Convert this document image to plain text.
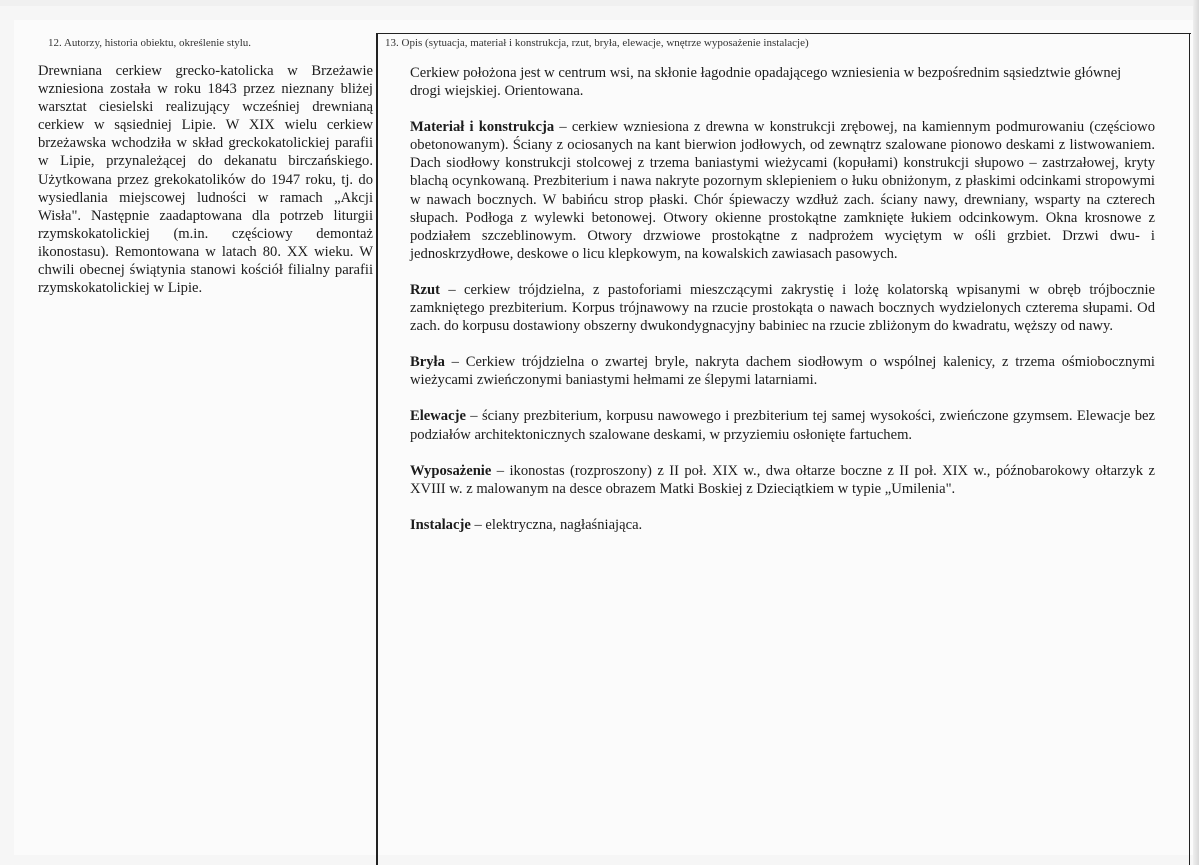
12. Autorzy, historia obiektu, określenie stylu.	13. Opis (sytuacja, materiał i konstrukcja, rzut, bryła, elewacje, wnętrze wyposażenie instalacje)
Drewniana cerkiew grecko-katolicka w Brzeżawie wzniesiona została w roku 1843 przez nieznany bliżej warsztat ciesielski realizujący wcześniej drewnianą cerkiew w sąsiedniej Lipie. W XIX wielu cerkiew brzeżawska wchodziła w skład greckokatolickiej parafii w Lipie, przynależącej do dekanatu birczańskiego. Użytkowana przez grekokatolików do 1947 roku, tj. do wysiedlania miejscowej ludności w ramach „Akcji Wisła". Następnie zaadaptowana dla potrzeb liturgii rzymskokatolickiej (m.in. częściowy demontaż ikonostasu). Remontowana w latach 80. XX wieku. W chwili obecnej świątynia stanowi kościół filialny parafii rzymskokatolickiej w Lipie.

Cerkiew położona jest w centrum wsi, na skłonie łagodnie opadającego wzniesienia w bezpośrednim sąsiedztwie głównej drogi wiejskiej. Orientowana.

Materiał i konstrukcja – cerkiew wzniesiona z drewna w konstrukcji zrębowej, na kamiennym podmurowaniu (częściowo obetonowanym). Ściany z ociosanych na kant bierwion jodłowych, od zewnątrz szalowane pionowo deskami z listwowaniem. Dach siodłowy konstrukcji stolcowej z trzema baniastymi wieżycami (kopułami) konstrukcji słupowo – zastrzałowej, kryty blachą ocynkowaną. Prezbiterium i nawa nakryte pozornym sklepieniem o łuku obniżonym, z płaskimi odcinkami stropowymi w nawach bocznych. W babińcu strop płaski. Chór śpiewaczy wzdłuż zach. ściany nawy, drewniany, wsparty na czterech słupach. Podłoga z wylewki betonowej. Otwory okienne prostokątne zamknięte łukiem odcinkowym. Okna krosnowe z podziałem szczeblinowym. Otwory drzwiowe prostokątne z nadprożem wyciętym w ośli grzbiet. Drzwi dwu- i jednoskrzydłowe, deskowe o licu klepkowym, na kowalskich zawiasach pasowych.

Rzut – cerkiew trójdzielna, z pastoforiami mieszczącymi zakrystię i lożę kolatorską wpisanymi w obręb trójbocznie zamkniętego prezbiterium. Korpus trójnawowy na rzucie prostokąta o nawach bocznych wydzielonych czterema słupami. Od zach. do korpusu dostawiony obszerny dwukondygnacyjny babiniec na rzucie zbliżonym do kwadratu, węższy od nawy.

Bryła – Cerkiew trójdzielna o zwartej bryle, nakryta dachem siodłowym o wspólnej kalenicy, z trzema ośmiobocznymi wieżycami zwieńczonymi baniastymi hełmami ze ślepymi latarniami.

Elewacje – ściany prezbiterium, korpusu nawowego i prezbiterium tej samej wysokości, zwieńczone gzymsem. Elewacje bez podziałów architektonicznych szalowane deskami, w przyziemiu osłonięte fartuchem.

Wyposażenie – ikonostas (rozproszony) z II poł. XIX w., dwa ołtarze boczne z II poł. XIX w., późnobarokowy ołtarzyk z XVIII w. z malowanym na desce obrazem Matki Boskiej z Dzieciątkiem w typie „Umilenia".

Instalacje – elektryczna, nagłaśniająca.
